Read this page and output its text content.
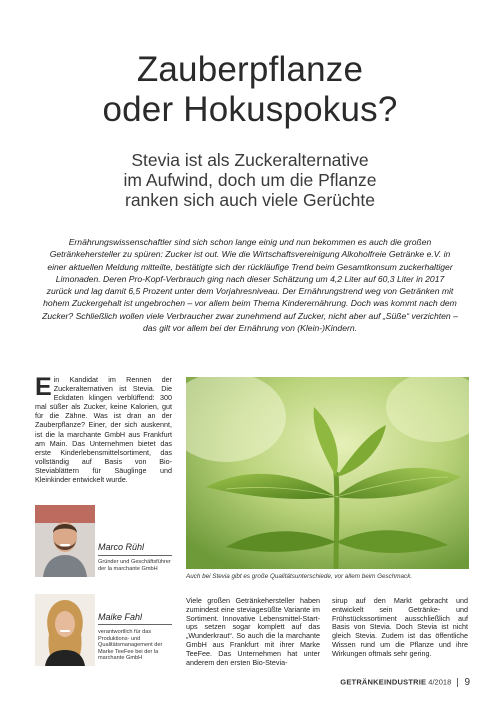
Zauberpflanze
oder Hokuspokus?
Stevia ist als Zuckeralternative
im Aufwind, doch um die Pflanze
ranken sich auch viele Gerüchte

Ernährungswissenschaftler sind sich schon lange einig und nun bekommen es auch die großen Getränkehersteller zu spüren: Zucker ist out. Wie die Wirtschaftsvereinigung Alkoholfreie Getränke e.V. in einer aktuellen Meldung mitteilte, bestätigte sich der rückläufige Trend beim Gesamtkonsum zuckerhaltiger Limonaden. Deren Pro-Kopf-Verbrauch ging nach dieser Schätzung um 4,2 Liter auf 60,3 Liter in 2017 zurück und lag damit 6,5 Prozent unter dem Vorjahresniveau. Der Ernährungstrend weg von Getränken mit hohem Zuckergehalt ist ungebrochen – vor allem beim Thema Kinderernährung. Doch was kommt nach dem Zucker? Schließlich wollen viele Verbraucher zwar zunehmend auf Zucker, nicht aber auf „Süße“ verzichten – das gilt vor allem bei der Ernährung von (Klein-)Kindern.

Ein Kandidat im Rennen der Zuckeralternativen ist Stevia. Die Eckdaten klingen verblüffend: 300 mal süßer als Zucker, keine Kalorien, gut für die Zähne. Was ist dran an der Zauberpflanze? Einer, der sich auskennt, ist die la marchante GmbH aus Frankfurt am Main. Das Unternehmen bietet das erste Kinderlebensmittelsortiment, das vollständig auf Basis von Bio-Steviablättern für Säuglinge und Kleinkinder entwickelt wurde.
Auch bei Stevia gibt es große Qualitätsunterschiede, vor allem beim Geschmack.
Marco Rühl
Gründer und Geschäftsführer der la marchante GmbH
Maike Fahl
verantwortlich für das Produktions- und Qualitätsmanagement der Marke TeeFee bei der la marchante GmbH
Viele großen Getränkehersteller haben zumindest eine steviagesüßte Variante im Sortiment. Innovative Lebensmittel-Start-ups setzen sogar komplett auf das „Wunderkraut“. So auch die la marchante GmbH aus Frankfurt mit ihrer Marke TeeFee. Das Unternehmen hat unter anderem den ersten Bio-Stevia-
sirup auf den Markt gebracht und entwickelt sein Getränke- und Frühstückssortiment ausschließlich auf Basis von Stevia. Doch Stevia ist nicht gleich Stevia. Zudem ist das öffentliche Wissen rund um die Pflanze und ihre Wirkungen oftmals sehr gering.
GETRÄNKEINDUSTRIE 4/2018 9
